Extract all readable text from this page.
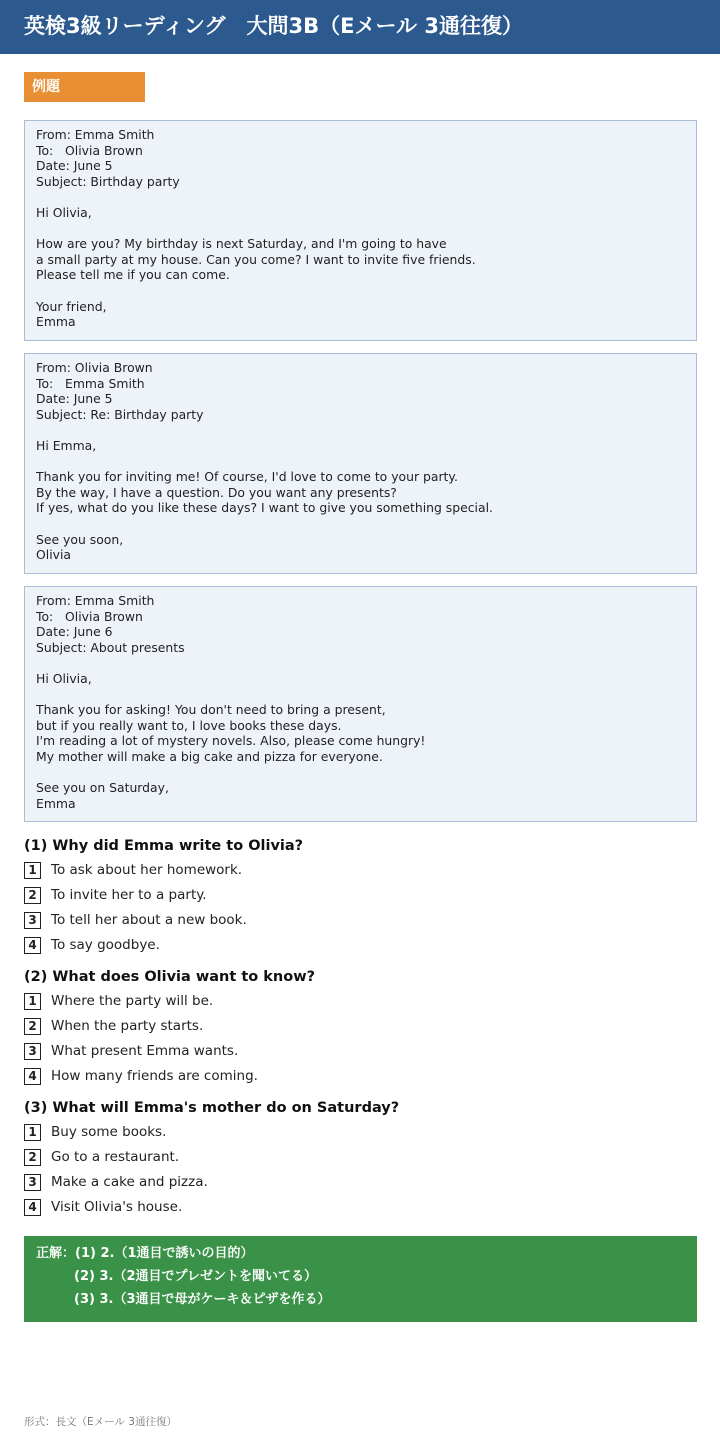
英検3級リーディング　大問3B（Eメール 3通往復）
例題
From: Emma Smith
To:   Olivia Brown
Date: June 5
Subject: Birthday party
Hi Olivia,
How are you? My birthday is next Saturday, and I'm going to have
a small party at my house. Can you come? I want to invite five friends.
Please tell me if you can come.
Your friend,
Emma
From: Olivia Brown
To:   Emma Smith
Date: June 5
Subject: Re: Birthday party
Hi Emma,
Thank you for inviting me! Of course, I'd love to come to your party.
By the way, I have a question. Do you want any presents?
If yes, what do you like these days? I want to give you something special.
See you soon,
Olivia
From: Emma Smith
To:   Olivia Brown
Date: June 6
Subject: About presents
Hi Olivia,
Thank you for asking! You don't need to bring a present,
but if you really want to, I love books these days.
I'm reading a lot of mystery novels. Also, please come hungry!
My mother will make a big cake and pizza for everyone.
See you on Saturday,
Emma
(1) Why did Emma write to Olivia?
1	To ask about her homework.
2	To invite her to a party.
3	To tell her about a new book.
4	To say goodbye.
(2) What does Olivia want to know?
1	Where the party will be.
2	When the party starts.
3	What present Emma wants.
4	How many friends are coming.
(3) What will Emma's mother do on Saturday?
1	Buy some books.
2	Go to a restaurant.
3	Make a cake and pizza.
4	Visit Olivia's house.
正解：(1) 2.（1通目で誘いの目的）
(2) 3.（2通目でプレゼントを聞いてる）
(3) 3.（3通目で母がケーキ＆ピザを作る）
形式：長文（Eメール 3通往復）
